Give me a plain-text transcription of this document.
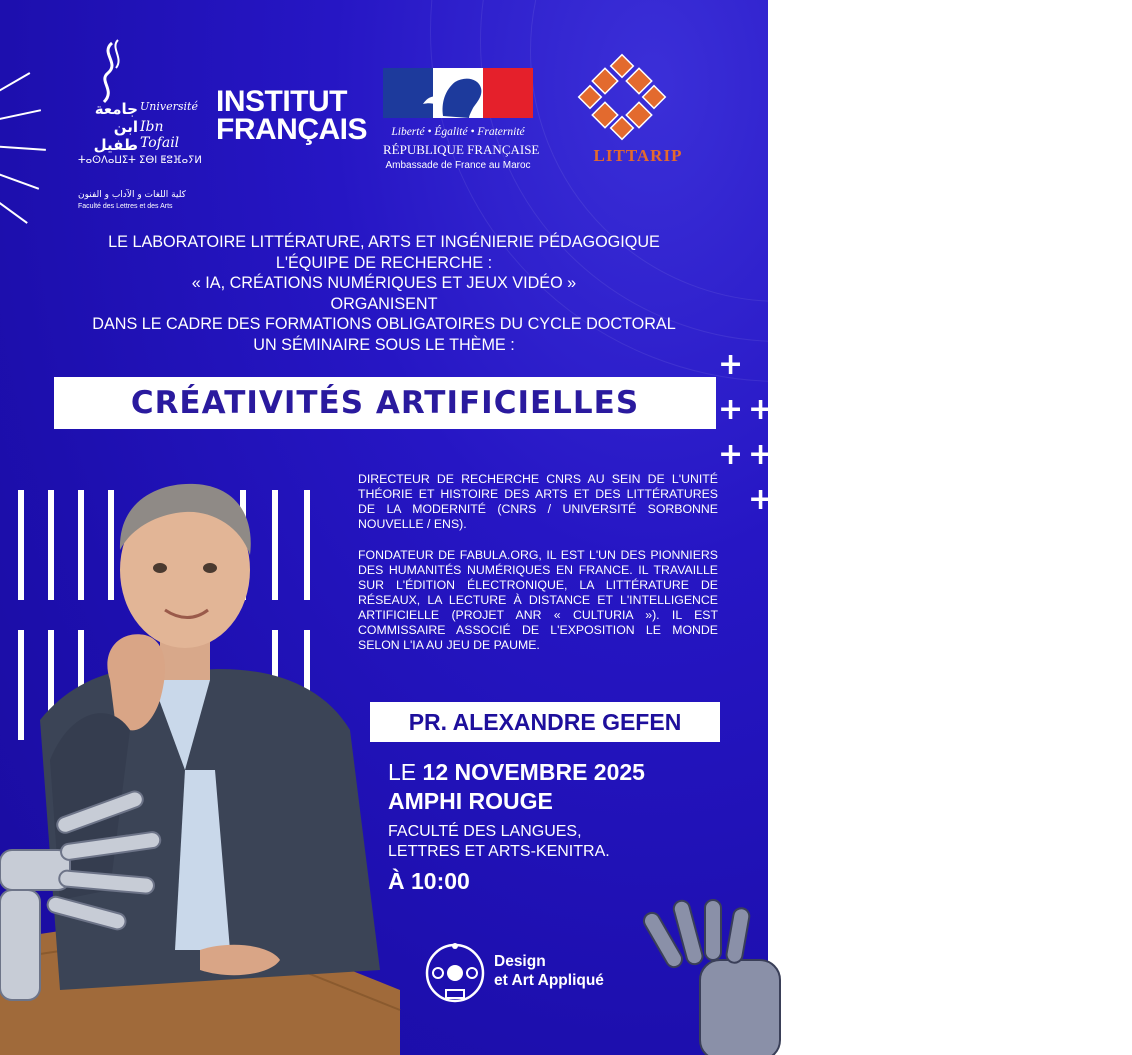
جامعة
ابن طفيل
Université
Ibn Tofail
ⵜⴰⵙⴷⴰⵡⵉⵜ ⵉⴱⵏ ⵟⵓⴼⴰⵢⵍ
كلية اللغات و الآداب و الفنون
Faculté des Lettres et des Arts
INSTITUT
FRANÇAIS	Liberté • Égalité • Fraternité
RÉPUBLIQUE FRANÇAISE
Ambassade de France au Maroc
LITTARIP
LE LABORATOIRE LITTÉRATURE, ARTS ET INGÉNIERIE PÉDAGOGIQUE
L'ÉQUIPE DE RECHERCHE :
« IA, CRÉATIONS NUMÉRIQUES ET JEUX VIDÉO »
ORGANISENT
DANS LE CADRE DES FORMATIONS OBLIGATOIRES DU CYCLE DOCTORAL
UN SÉMINAIRE SOUS LE THÈME :
+
+ +
+ +
+
CRÉATIVITÉS ARTIFICIELLES

DIRECTEUR DE RECHERCHE CNRS AU SEIN DE L'UNITÉ THÉORIE ET HISTOIRE DES ARTS ET DES LITTÉRATURES DE LA MODERNITÉ (CNRS / UNIVERSITÉ SORBONNE NOUVELLE / ENS).

FONDATEUR DE FABULA.ORG, IL EST L'UN DES PIONNIERS DES HUMANITÉS NUMÉRIQUES EN FRANCE. IL TRAVAILLE SUR L'ÉDITION ÉLECTRONIQUE, LA LITTÉRATURE DE RÉSEAUX, LA LECTURE À DISTANCE ET L'INTELLIGENCE ARTIFICIELLE (PROJET ANR « CULTURIA »). IL EST COMMISSAIRE ASSOCIÉ DE L'EXPOSITION LE MONDE SELON L'IA AU JEU DE PAUME.

PR. ALEXANDRE GEFEN
LE 12 NOVEMBRE 2025
AMPHI ROUGE
FACULTÉ DES LANGUES,
LETTRES ET ARTS-KENITRA.
À 10:00
Design
et Art Appliqué
